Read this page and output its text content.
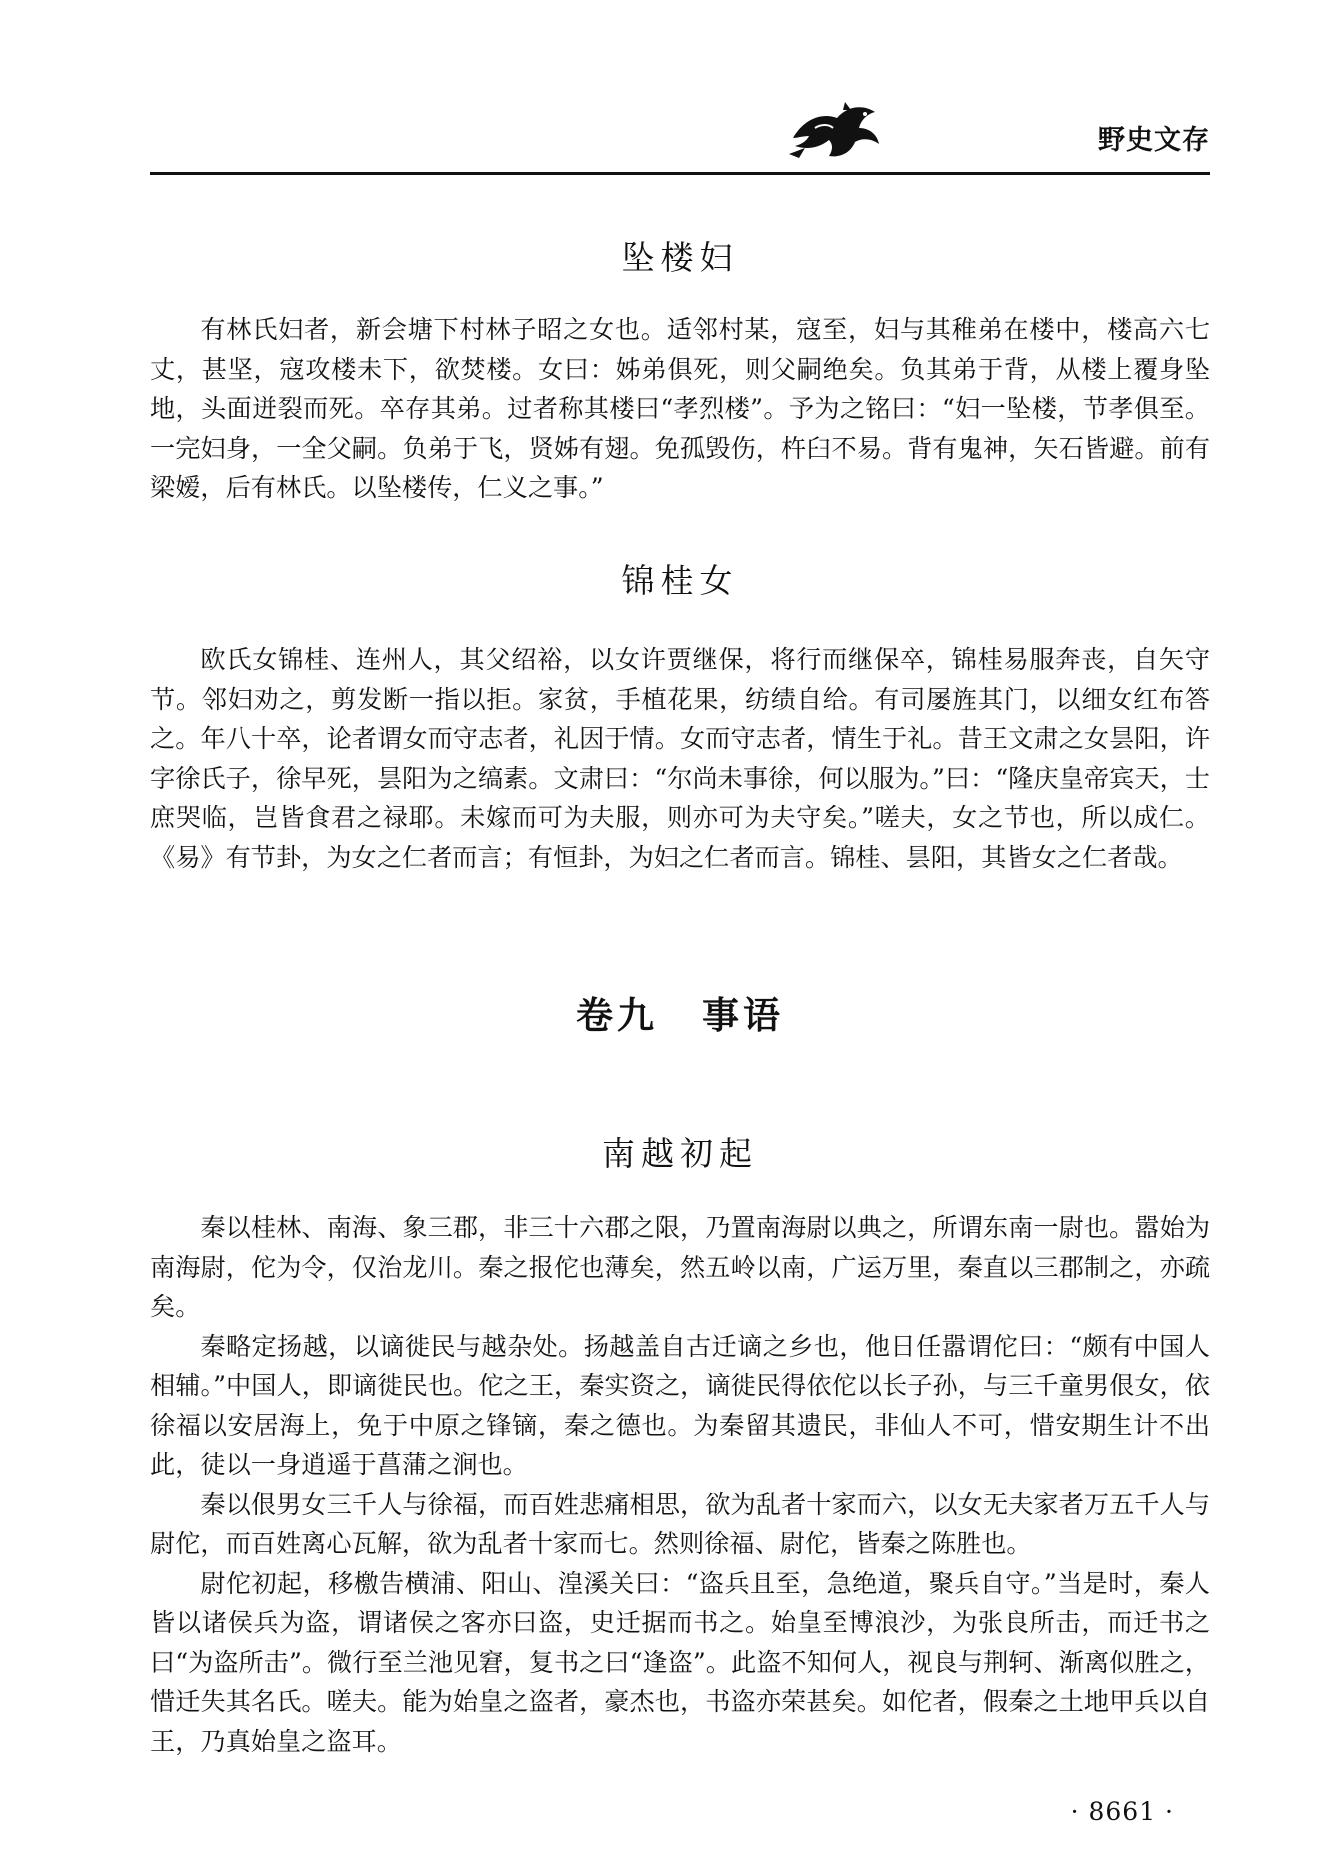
野史文存
坠楼妇

有林氏妇者，新会塘下村林子昭之女也。适邻村某，寇至，妇与其稚弟在楼中，楼高六七丈，甚坚，寇攻楼未下，欲焚楼。女曰：姊弟俱死，则父嗣绝矣。负其弟于背，从楼上覆身坠地，头面迸裂而死。卒存其弟。过者称其楼曰“孝烈楼”。予为之铭曰：“妇一坠楼，节孝俱至。一完妇身，一全父嗣。负弟于飞，贤姊有翅。免孤毁伤，杵臼不易。背有鬼神，矢石皆避。前有梁嫒，后有林氏。以坠楼传，仁义之事。”

锦桂女

欧氏女锦桂、连州人，其父绍裕，以女许贾继保，将行而继保卒，锦桂易服奔丧，自矢守节。邻妇劝之，剪发断一指以拒。家贫，手植花果，纺绩自给。有司屡旌其门，以细女红布答之。年八十卒，论者谓女而守志者，礼因于情。女而守志者，情生于礼。昔王文肃之女昙阳，许字徐氏子，徐早死，昙阳为之缟素。文肃曰：“尔尚未事徐，何以服为。”曰：“隆庆皇帝宾天，士庶哭临，岂皆食君之禄耶。未嫁而可为夫服，则亦可为夫守矣。”嗟夫，女之节也，所以成仁。《易》有节卦，为女之仁者而言；有恒卦，为妇之仁者而言。锦桂、昙阳，其皆女之仁者哉。

卷九 事语
南越初起

秦以桂林、南海、象三郡，非三十六郡之限，乃置南海尉以典之，所谓东南一尉也。嚣始为南海尉，佗为令，仅治龙川。秦之报佗也薄矣，然五岭以南，广运万里，秦直以三郡制之，亦疏矣。

秦略定扬越，以谪徙民与越杂处。扬越盖自古迁谪之乡也，他日任嚣谓佗曰：“颇有中国人相辅。”中国人，即谪徙民也。佗之王，秦实资之，谪徙民得依佗以长子孙，与三千童男佷女，依徐福以安居海上，免于中原之锋镝，秦之德也。为秦留其遗民，非仙人不可，惜安期生计不出此，徒以一身逍遥于菖蒲之涧也。

秦以佷男女三千人与徐福，而百姓悲痛相思，欲为乱者十家而六，以女无夫家者万五千人与尉佗，而百姓离心瓦解，欲为乱者十家而七。然则徐福、尉佗，皆秦之陈胜也。

尉佗初起，移檄告横浦、阳山、湟溪关曰：“盗兵且至，急绝道，聚兵自守。”当是时，秦人皆以诸侯兵为盗，谓诸侯之客亦曰盗，史迁据而书之。始皇至博浪沙，为张良所击，而迁书之曰“为盗所击”。微行至兰池见窘，复书之曰“逢盗”。此盗不知何人，视良与荆轲、渐离似胜之，惜迁失其名氏。嗟夫。能为始皇之盗者，豪杰也，书盗亦荣甚矣。如佗者，假秦之土地甲兵以自王，乃真始皇之盗耳。

· 8661 ·
